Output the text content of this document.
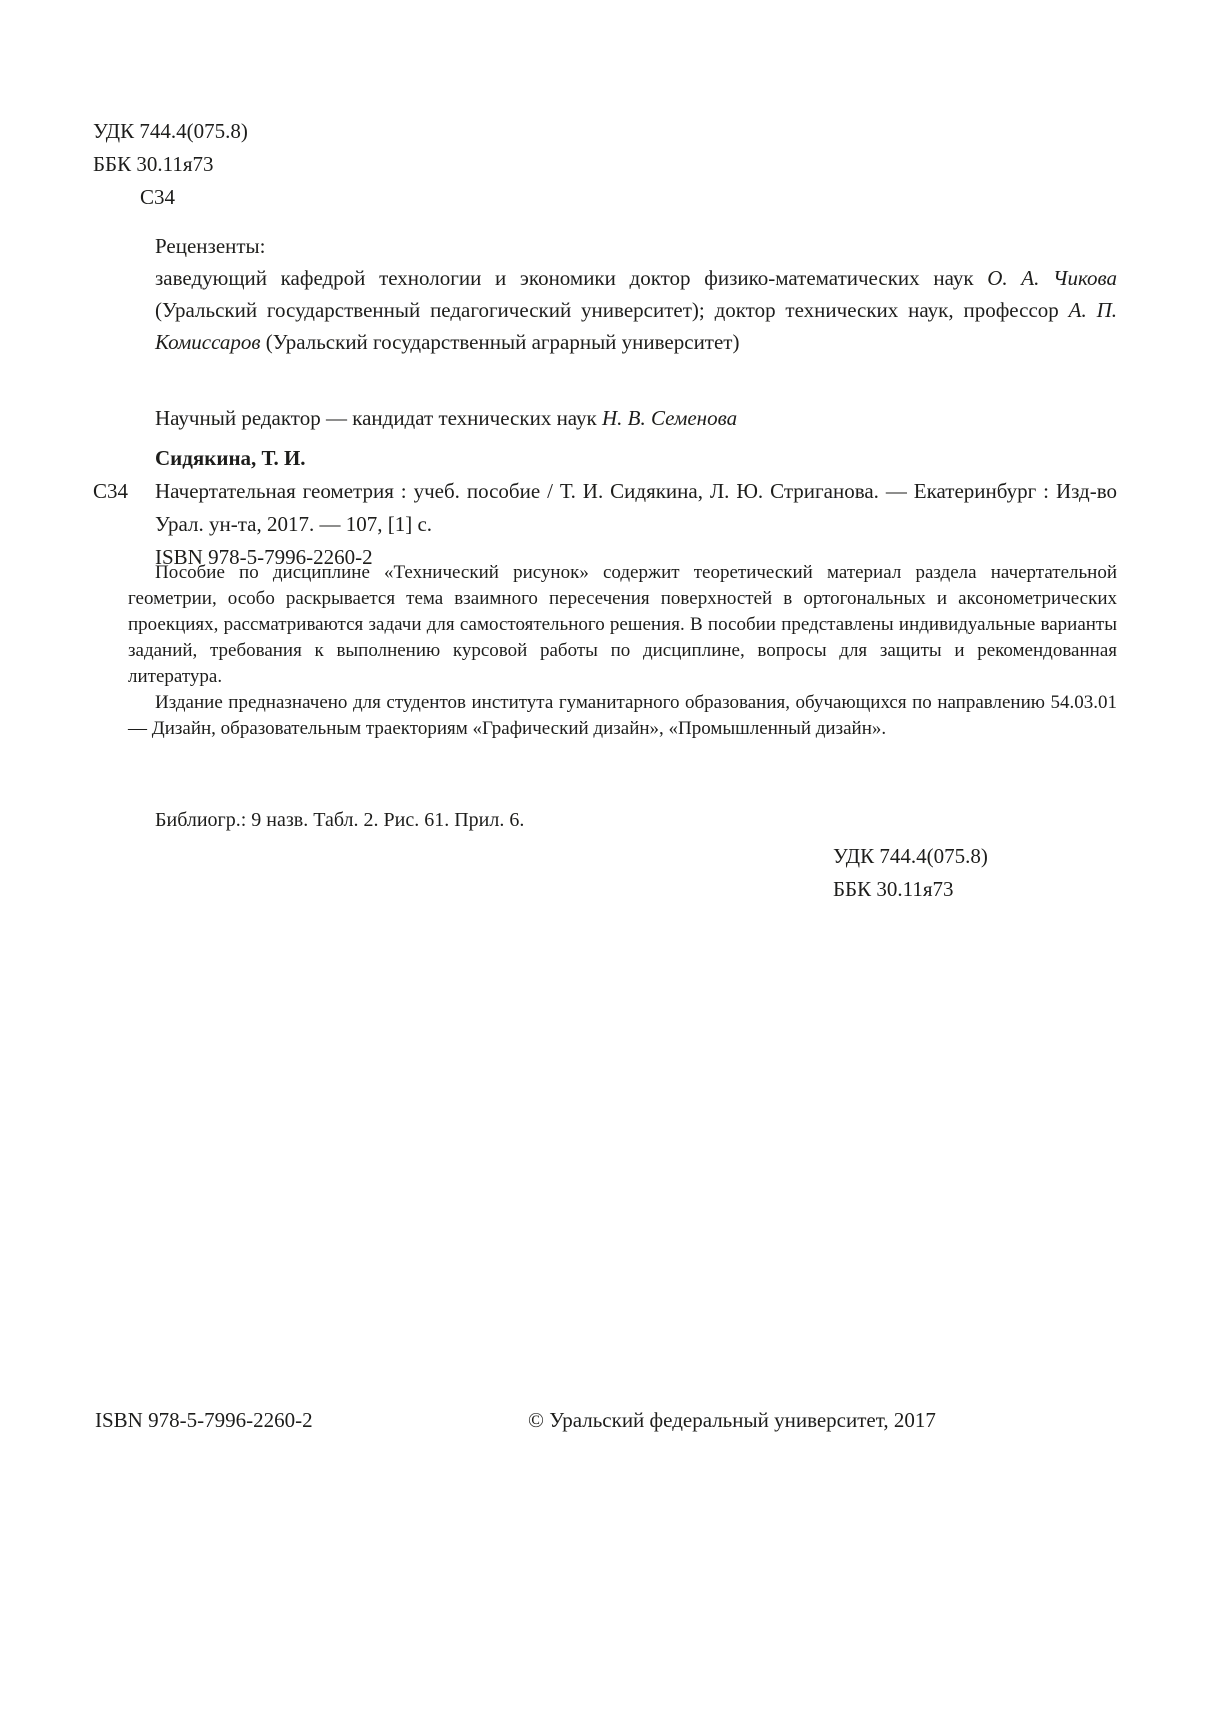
УДК 744.4(075.8)
ББК 30.11я73
С34
Рецензенты:
заведующий кафедрой технологии и экономики доктор физико-математических наук О. А. Чикова (Уральский государственный педагогический университет); доктор технических наук, профессор А. П. Комиссаров (Уральский государственный аграрный университет)
Научный редактор — кандидат технических наук Н. В. Семенова
Сидякина, Т. И.
С34 Начертательная геометрия : учеб. пособие / Т. И. Сидякина, Л. Ю. Стриганова. — Екатеринбург : Изд-во Урал. ун-та, 2017. — 107, [1] с.
ISBN 978-5-7996-2260-2

Пособие по дисциплине «Технический рисунок» содержит теоретический материал раздела начертательной геометрии, особо раскрывается тема взаимного пересечения поверхностей в ортогональных и аксонометрических проекциях, рассматриваются задачи для самостоятельного решения. В пособии представлены индивидуальные варианты заданий, требования к выполнению курсовой работы по дисциплине, вопросы для защиты и рекомендованная литература.

Издание предназначено для студентов института гуманитарного образования, обучающихся по направлению 54.03.01 — Дизайн, образовательным траекториям «Графический дизайн», «Промышленный дизайн».

Библиогр.: 9 назв. Табл. 2. Рис. 61. Прил. 6.
УДК 744.4(075.8)
ББК 30.11я73
ISBN 978-5-7996-2260-2	© Уральский федеральный университет, 2017
